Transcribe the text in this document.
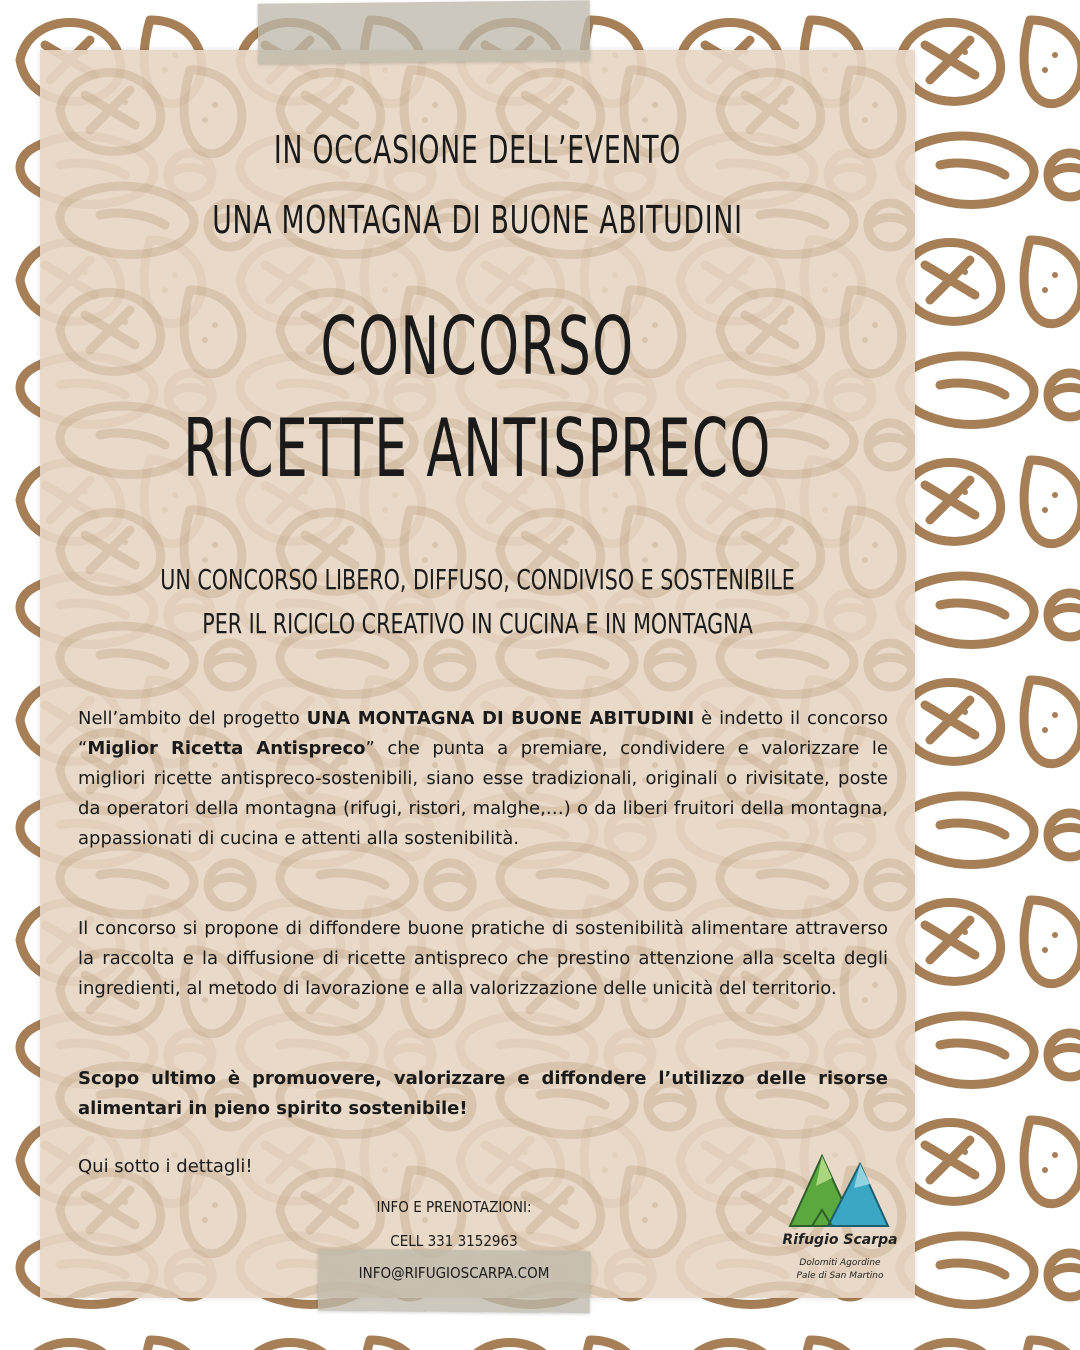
IN OCCASIONE DELL’EVENTO
UNA MONTAGNA DI BUONE ABITUDINI
CONCORSO
RICETTE ANTISPRECO
UN CONCORSO LIBERO, DIFFUSO, CONDIVISO E SOSTENIBILE
PER IL RICICLO CREATIVO IN CUCINA E IN MONTAGNA

Nell’ambito del progetto UNA MONTAGNA DI BUONE ABITUDINI è indetto il concorso “Miglior Ricetta Antispreco” che punta a premiare, condividere e valorizzare le migliori ricette antispreco-sostenibili, siano esse tradizionali, originali o rivisitate, poste da operatori della montagna (rifugi, ristori, malghe,…) o da liberi fruitori della montagna, appassionati di cucina e attenti alla sostenibilità.

Il concorso si propone di diffondere buone pratiche di sostenibilità alimentare attraverso la raccolta e la diffusione di ricette antispreco che prestino attenzione alla scelta degli ingredienti, al metodo di lavorazione e alla valorizzazione delle unicità del territorio.

Scopo ultimo è promuovere, valorizzare e diffondere l’utilizzo delle risorse alimentari in pieno spirito sostenibile!

Qui sotto i dettagli!

INFO E PRENOTAZIONI:
CELL 331 3152963
INFO@RIFUGIOSCARPA.COM
Rifugio Scarpa
Dolomiti Agordine
Pale di San Martino
